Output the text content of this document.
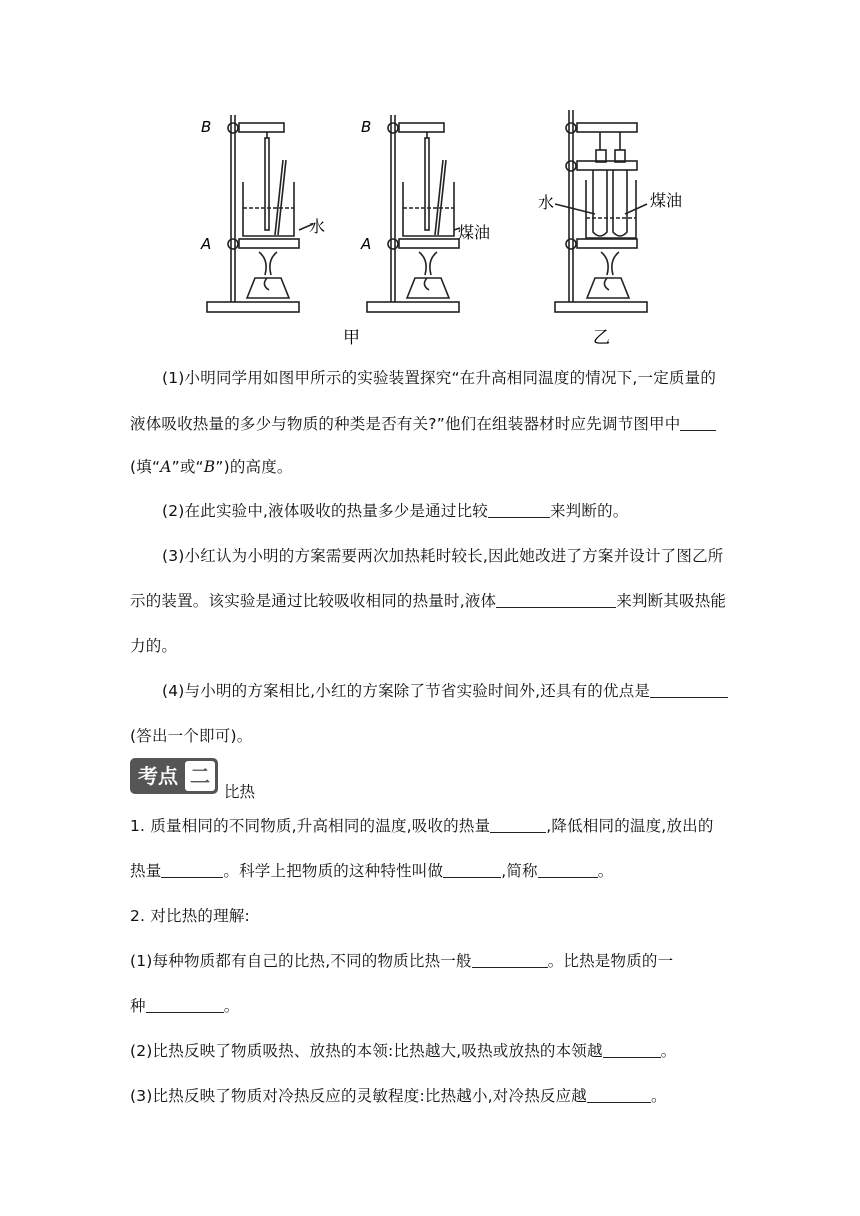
B
A
水
B
A
煤油
甲
水	煤油
乙
(1)小明同学用如图甲所示的实验装置探究“在升高相同温度的情况下,一定质量的
液体吸收热量的多少与物质的种类是否有关?”他们在组装器材时应先调节图甲中
(填“A”或“B”)的高度。
(2)在此实验中,液体吸收的热量多少是通过比较	来判断的。
(3)小红认为小明的方案需要两次加热耗时较长,因此她改进了方案并设计了图乙所
示的装置。该实验是通过比较吸收相同的热量时,液体	来判断其吸热能
力的。
(4)与小明的方案相比,小红的方案除了节省实验时间外,还具有的优点是
(答出一个即可)。
考点 二
比热
1. 质量相同的不同物质,升高相同的温度,吸收的热量	,降低相同的温度,放出的
热量	。科学上把物质的这种特性叫做	,简称	。
2. 对比热的理解:
(1)每种物质都有自己的比热,不同的物质比热一般	。比热是物质的一
种	。
(2)比热反映了物质吸热、放热的本领:比热越大,吸热或放热的本领越	。
(3)比热反映了物质对冷热反应的灵敏程度:比热越小,对冷热反应越	。
